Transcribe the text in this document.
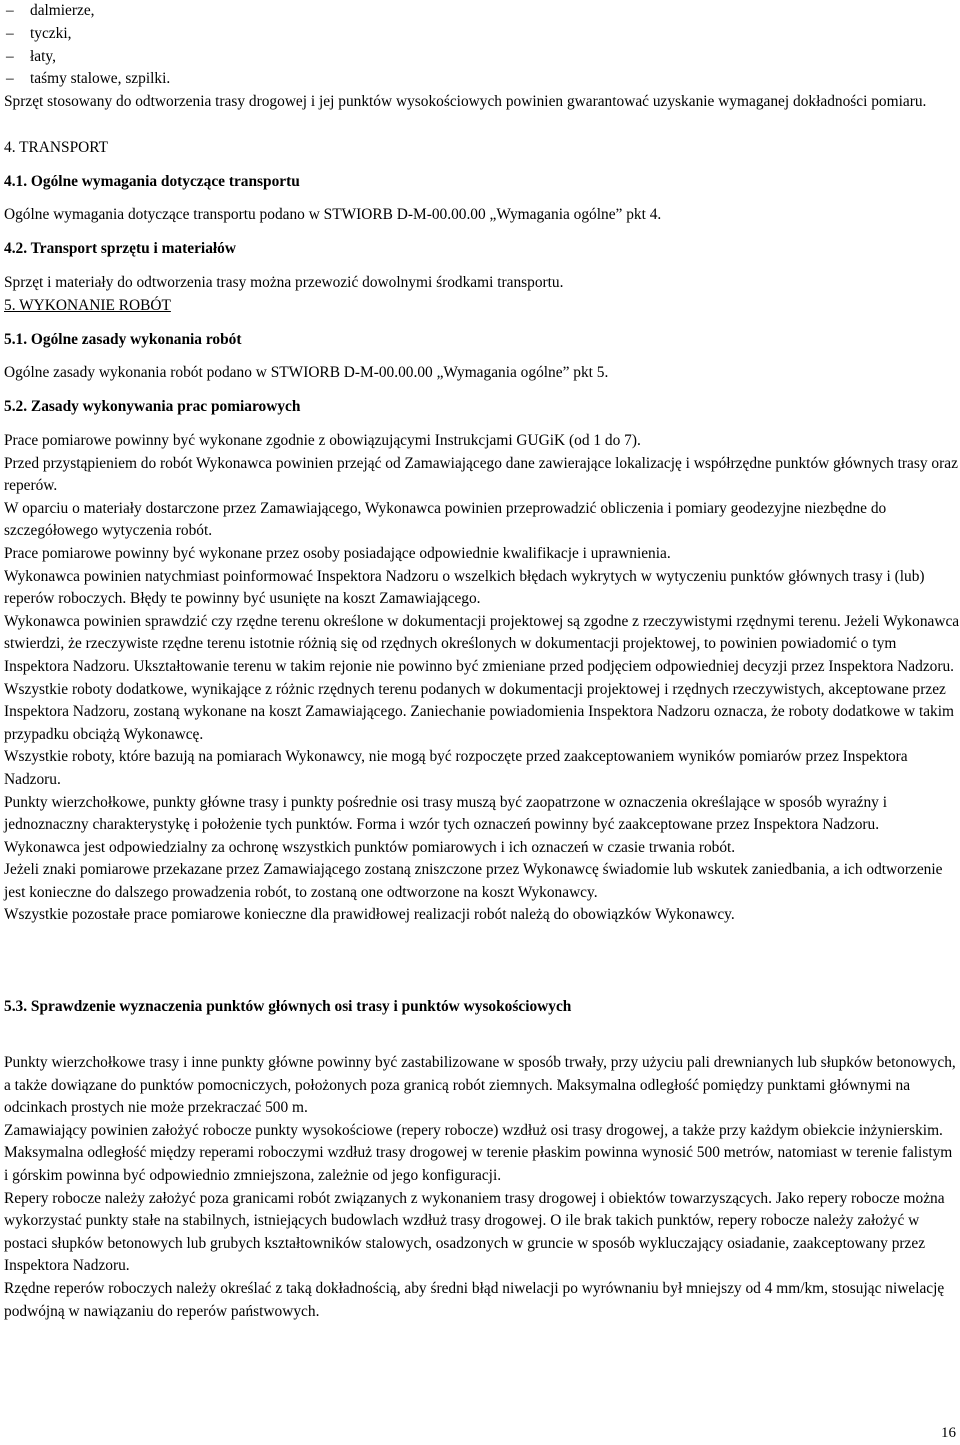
– dalmierze,
– tyczki,
– łaty,
– taśmy stalowe, szpilki.

Sprzęt stosowany do odtworzenia trasy drogowej i jej punktów wysokościowych powinien gwarantować uzyskanie wymaganej dokładności pomiaru.

4. TRANSPORT

4.1. Ogólne wymagania dotyczące transportu

Ogólne wymagania dotyczące transportu podano w STWIORB D-M-00.00.00 „Wymagania ogólne” pkt 4.

4.2. Transport sprzętu i materiałów

Sprzęt i materiały do odtworzenia trasy można przewozić dowolnymi środkami transportu.

5. WYKONANIE ROBÓT

5.1. Ogólne zasady wykonania robót

Ogólne zasady wykonania robót podano w STWIORB D-M-00.00.00 „Wymagania ogólne” pkt 5.

5.2. Zasady wykonywania prac pomiarowych

Prace pomiarowe powinny być wykonane zgodnie z obowiązującymi Instrukcjami GUGiK (od 1 do 7).

Przed przystąpieniem do robót Wykonawca powinien przejąć od Zamawiającego dane zawierające lokalizację i współrzędne punktów głównych trasy oraz reperów.

W oparciu o materiały dostarczone przez Zamawiającego, Wykonawca powinien przeprowadzić obliczenia i pomiary geodezyjne niezbędne do szczegółowego wytyczenia robót.

Prace pomiarowe powinny być wykonane przez osoby posiadające odpowiednie kwalifikacje i uprawnienia.

Wykonawca powinien natychmiast poinformować Inspektora Nadzoru o wszelkich błędach wykrytych w wytyczeniu punktów głównych trasy i (lub) reperów roboczych. Błędy te powinny być usunięte na koszt Zamawiającego.

Wykonawca powinien sprawdzić czy rzędne terenu określone w dokumentacji projektowej są zgodne z rzeczywistymi rzędnymi terenu. Jeżeli Wykonawca stwierdzi, że rzeczywiste rzędne terenu istotnie różnią się od rzędnych określonych w dokumentacji projektowej, to powinien powiadomić o tym Inspektora Nadzoru. Ukształtowanie terenu w takim rejonie nie powinno być zmieniane przed podjęciem odpowiedniej decyzji przez Inspektora Nadzoru. Wszystkie roboty dodatkowe, wynikające z różnic rzędnych terenu podanych w dokumentacji projektowej i rzędnych rzeczywistych, akceptowane przez Inspektora Nadzoru, zostaną wykonane na koszt Zamawiającego. Zaniechanie powiadomienia Inspektora Nadzoru oznacza, że roboty dodatkowe w takim przypadku obciążą Wykonawcę.

Wszystkie roboty, które bazują na pomiarach Wykonawcy, nie mogą być rozpoczęte przed zaakceptowaniem wyników pomiarów przez Inspektora Nadzoru.

Punkty wierzchołkowe, punkty główne trasy i punkty pośrednie osi trasy muszą być zaopatrzone w oznaczenia określające w sposób wyraźny i jednoznaczny charakterystykę i położenie tych punktów. Forma i wzór tych oznaczeń powinny być zaakceptowane przez Inspektora Nadzoru.

Wykonawca jest odpowiedzialny za ochronę wszystkich punktów pomiarowych i ich oznaczeń w czasie trwania robót.

Jeżeli znaki pomiarowe przekazane przez Zamawiającego zostaną zniszczone przez Wykonawcę świadomie lub wskutek zaniedbania, a ich odtworzenie jest konieczne do dalszego prowadzenia robót, to zostaną one odtworzone na koszt Wykonawcy.

Wszystkie pozostałe prace pomiarowe konieczne dla prawidłowej realizacji robót należą do obowiązków Wykonawcy.

5.3. Sprawdzenie wyznaczenia punktów głównych osi trasy i punktów wysokościowych

Punkty wierzchołkowe trasy i inne punkty główne powinny być zastabilizowane w sposób trwały, przy użyciu pali drewnianych lub słupków betonowych, a także dowiązane do punktów pomocniczych, położonych poza granicą robót ziemnych. Maksymalna odległość pomiędzy punktami głównymi na odcinkach prostych nie może przekraczać 500 m.

Zamawiający powinien założyć robocze punkty wysokościowe (repery robocze) wzdłuż osi trasy drogowej, a także przy każdym obiekcie inżynierskim.

Maksymalna odległość między reperami roboczymi wzdłuż trasy drogowej w terenie płaskim powinna wynosić 500 metrów, natomiast w terenie falistym i górskim powinna być odpowiednio zmniejszona, zależnie od jego konfiguracji.

Repery robocze należy założyć poza granicami robót związanych z wykonaniem trasy drogowej i obiektów towarzyszących. Jako repery robocze można wykorzystać punkty stałe na stabilnych, istniejących budowlach wzdłuż trasy drogowej. O ile brak takich punktów, repery robocze należy założyć w postaci słupków betonowych lub grubych kształtowników stalowych, osadzonych w gruncie w sposób wykluczający osiadanie, zaakceptowany przez Inspektora Nadzoru.

Rzędne reperów roboczych należy określać z taką dokładnością, aby średni błąd niwelacji po wyrównaniu był mniejszy od 4 mm/km, stosując niwelację podwójną w nawiązaniu do reperów państwowych.

16
